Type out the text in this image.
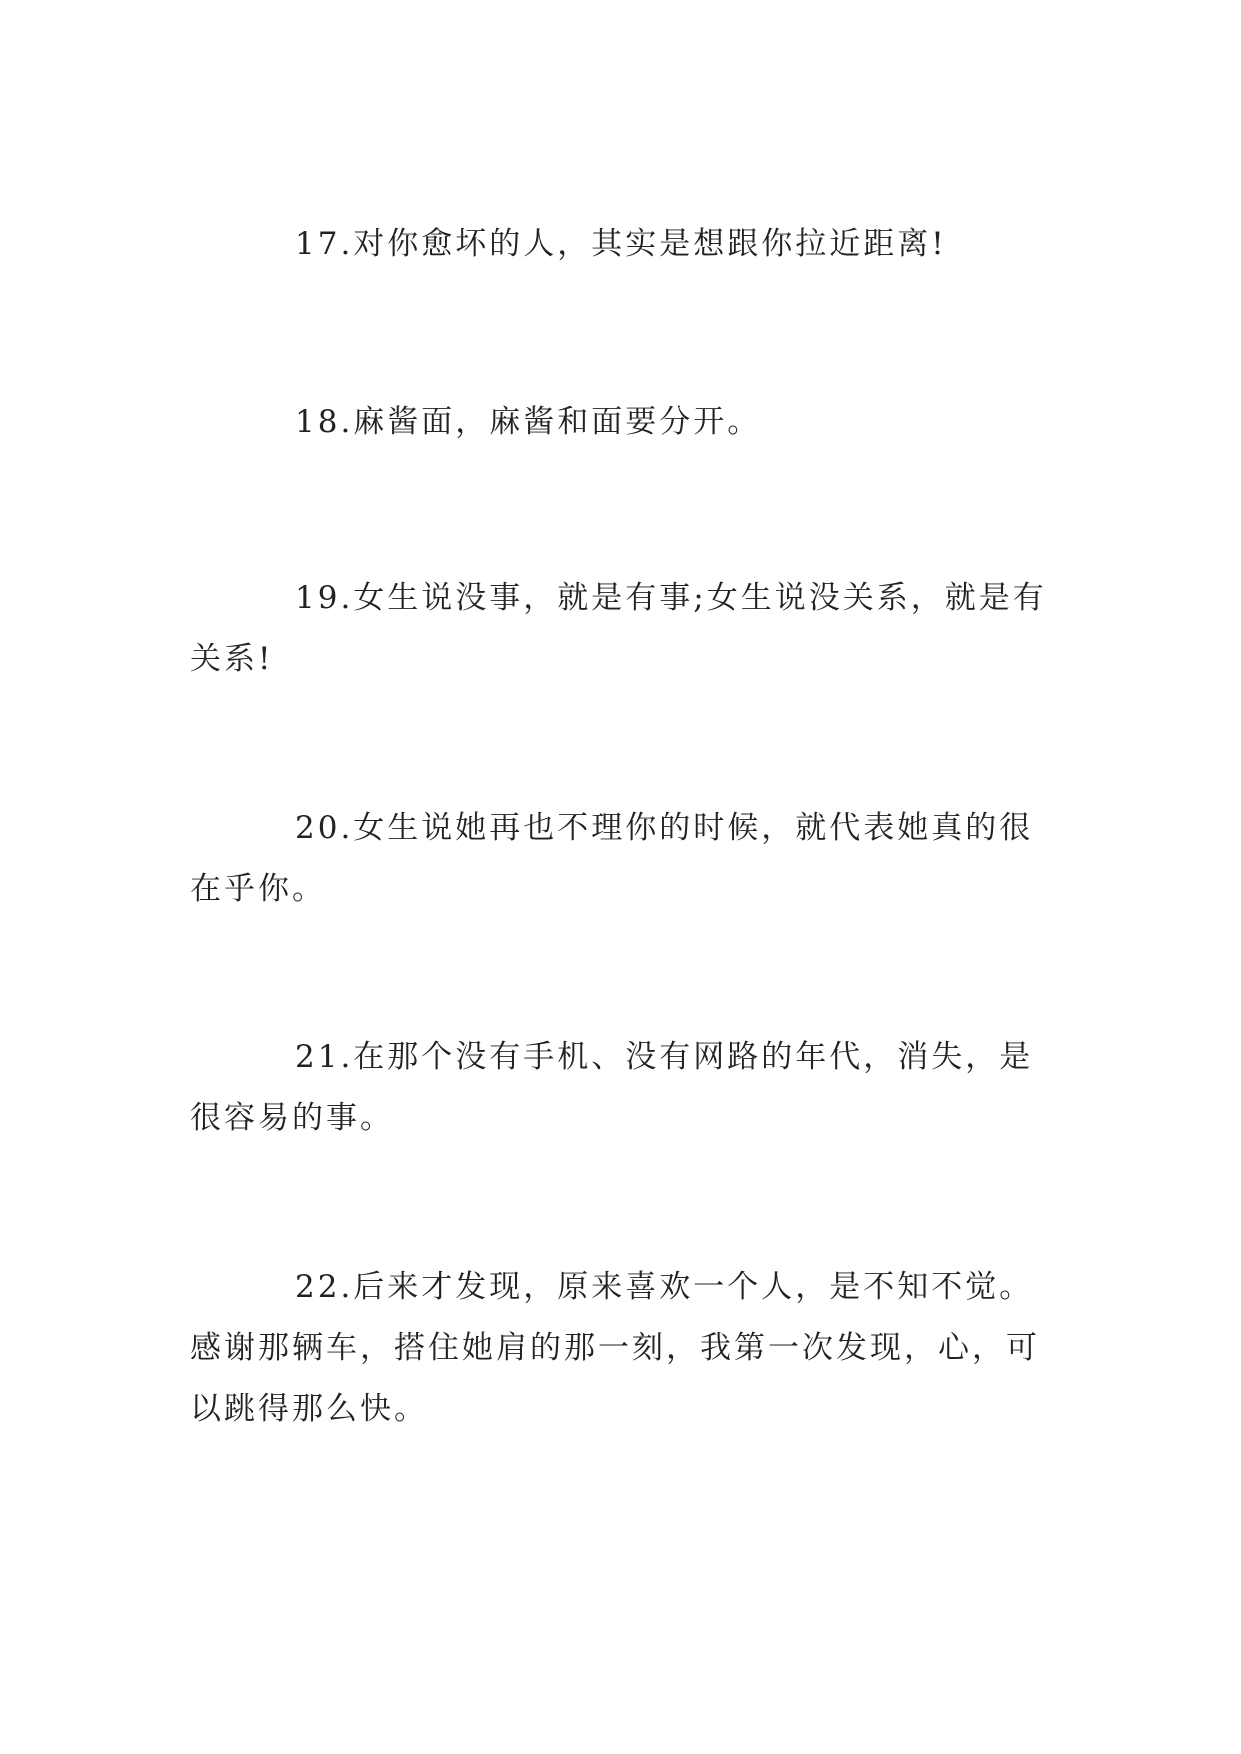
17.对你愈坏的人，其实是想跟你拉近距离!

18.麻酱面，麻酱和面要分开。

19.女生说没事，就是有事;女生说没关系，就是有关系!

20.女生说她再也不理你的时候，就代表她真的很在乎你。

21.在那个没有手机、没有网路的年代，消失，是很容易的事。

22.后来才发现，原来喜欢一个人，是不知不觉。感谢那辆车，搭住她肩的那一刻，我第一次发现，心，可以跳得那么快。
